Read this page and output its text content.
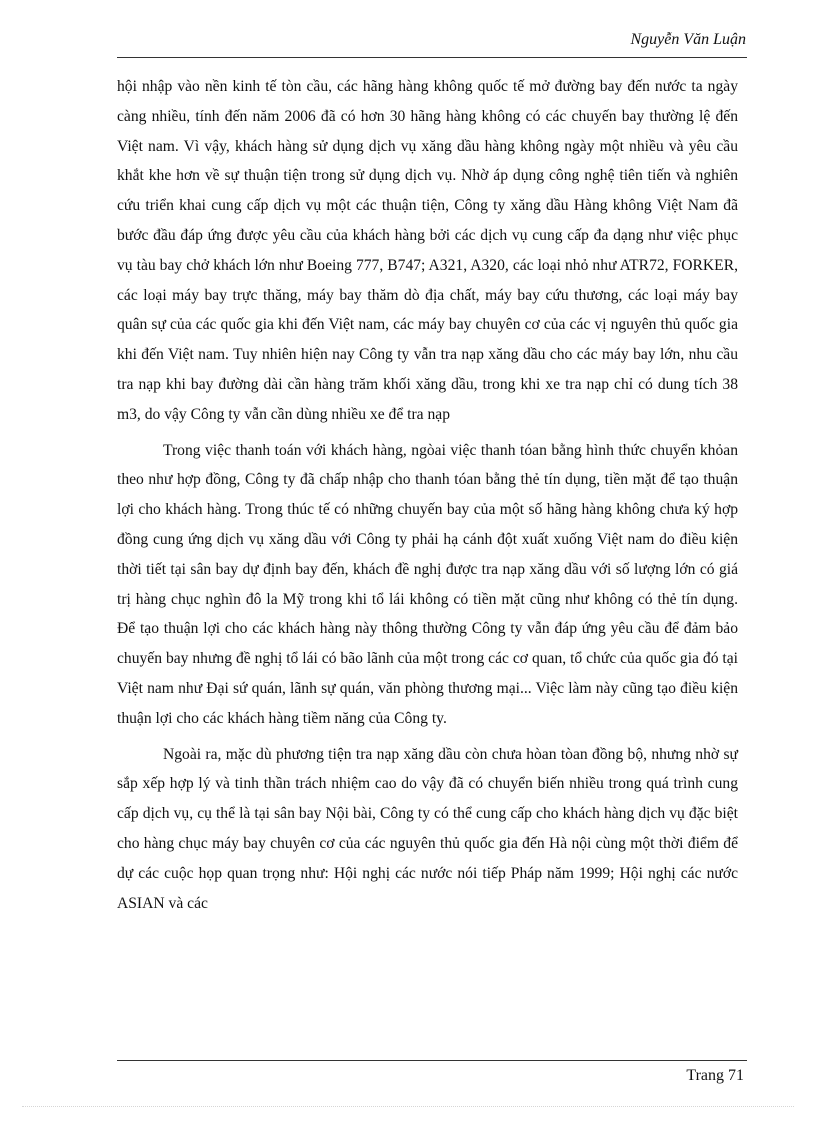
Nguyễn Văn Luận

hội nhập vào nền kinh tế tòn cầu, các hãng hàng không quốc tế mở đường bay đến nước ta ngày càng nhiều, tính đến năm 2006 đã có hơn 30 hãng hàng không có các chuyến bay thường lệ đến Việt nam. Vì vậy, khách hàng sử dụng dịch vụ xăng dầu hàng không ngày một nhiều và yêu cầu khắt khe hơn về sự thuận tiện trong sử dụng dịch vụ. Nhờ áp dụng công nghệ tiên tiến và nghiên cứu triển khai cung cấp dịch vụ một các thuận tiện, Công ty xăng dầu Hàng không Việt Nam đã bước đầu đáp ứng được yêu cầu của khách hàng bởi các dịch vụ cung cấp đa dạng như việc phục vụ tàu bay chở khách lớn như Boeing 777, B747; A321, A320, các loại nhỏ như ATR72, FORKER, các loại máy bay trực thăng, máy bay thăm dò địa chất, máy bay cứu thương, các loại máy bay quân sự của các quốc gia khi đến Việt nam, các máy bay chuyên cơ của các vị nguyên thủ quốc gia khi đến Việt nam. Tuy nhiên hiện nay Công ty vẫn tra nạp xăng dầu cho các máy bay lớn, nhu cầu tra nạp khi bay đường dài cần hàng trăm khối xăng dầu, trong khi xe tra nạp chỉ có dung tích 38 m3, do vậy Công ty vẫn cần dùng nhiều xe để tra nạp

Trong việc thanh toán với khách hàng, ngòai việc thanh tóan bằng hình thức chuyển khỏan theo như hợp đồng, Công ty đã chấp nhập cho thanh tóan bằng thẻ tín dụng, tiền mặt để tạo thuận lợi cho khách hàng. Trong thúc tế có những chuyến bay của một số hãng hàng không chưa ký hợp đồng cung ứng dịch vụ xăng dầu với Công ty phải hạ cánh đột xuất xuống Việt nam do điều kiện thời tiết tại sân bay dự định bay đến, khách đề nghị được tra nạp xăng dầu với số lượng lớn có giá trị hàng chục nghìn đô la Mỹ trong khi tổ lái không có tiền mặt cũng như không có thẻ tín dụng. Để tạo thuận lợi cho các khách hàng này thông thường Công ty vẫn đáp ứng yêu cầu để đảm bảo chuyến bay nhưng đề nghị tổ lái có bão lãnh của một trong các cơ quan, tổ chức của quốc gia đó tại Việt nam như Đại sứ quán, lãnh sự quán, văn phòng thương mại... Việc làm này cũng tạo điều kiện thuận lợi cho các khách hàng tiềm năng của Công ty.

Ngoài ra, mặc dù phương tiện tra nạp xăng dầu còn chưa hòan tòan đồng bộ, nhưng nhờ sự sắp xếp hợp lý và tinh thần trách nhiệm cao do vậy đã có chuyển biến nhiều trong quá trình cung cấp dịch vụ, cụ thể là tại sân bay Nội bài, Công ty có thể cung cấp cho khách hàng dịch vụ đặc biệt cho hàng chục máy bay chuyên cơ của các nguyên thủ quốc gia đến Hà nội cùng một thời điểm để dự các cuộc họp quan trọng như: Hội nghị các nước nói tiếp Pháp năm 1999; Hội nghị các nước ASIAN và các

Trang 71
